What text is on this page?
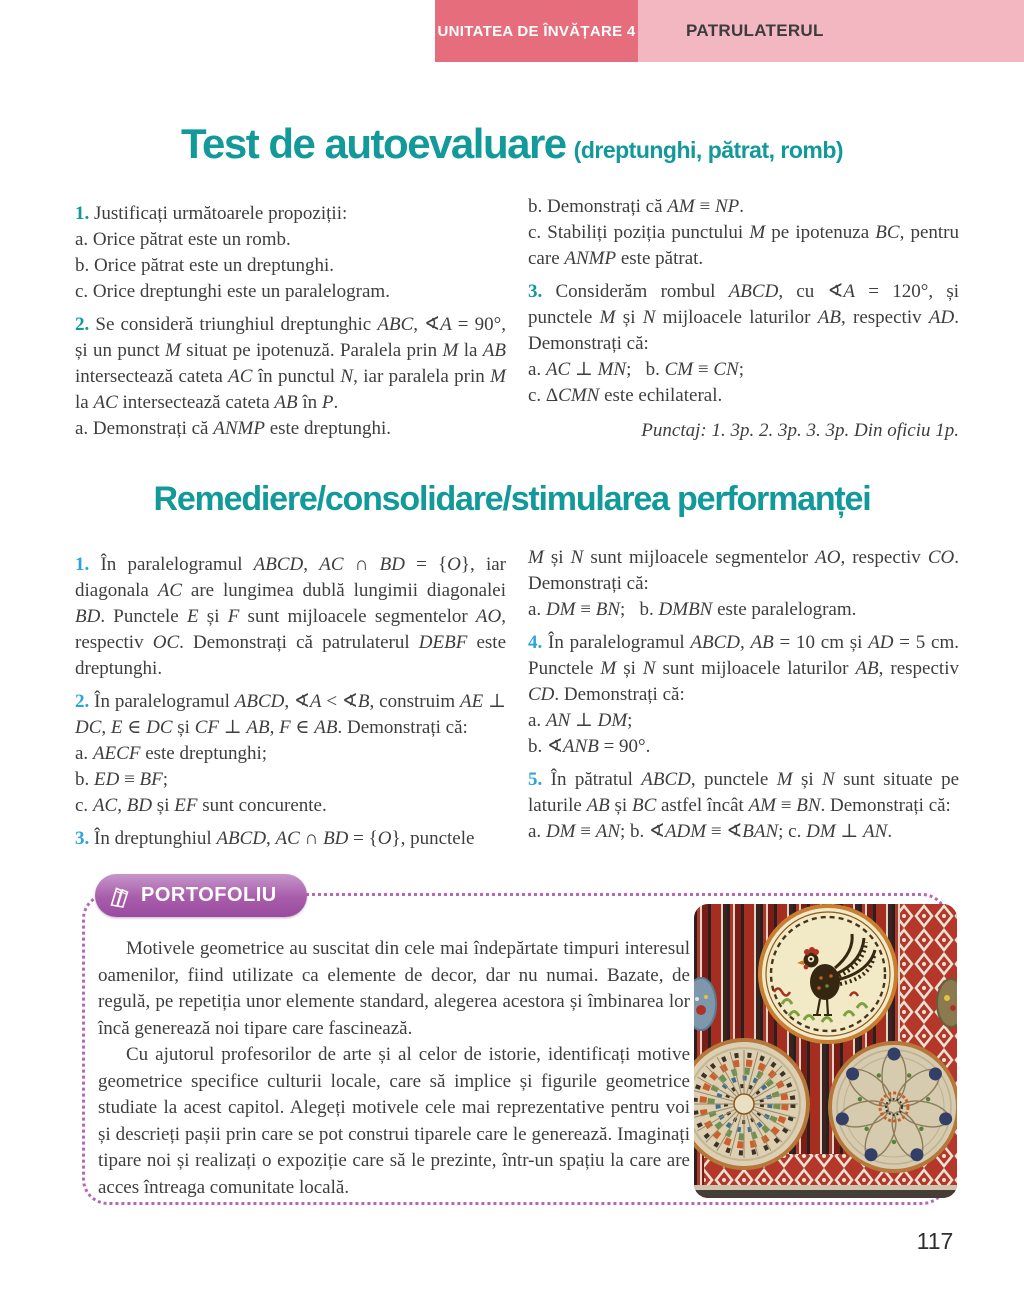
UNITATEA DE ÎNVĂȚARE 4	PATRULATERUL
Test de autoevaluare (dreptunghi, pătrat, romb)

1. Justificați următoarele propoziții:

a. Orice pătrat este un romb.

b. Orice pătrat este un dreptunghi.

c. Orice dreptunghi este un paralelogram.

2. Se consideră triunghiul dreptunghic ABC, ∢A = 90°, și un punct M situat pe ipotenuză. Paralela prin M la AB intersectează cateta AC în punctul N, iar paralela prin M la AC intersectează cateta AB în P.

a. Demonstrați că ANMP este dreptunghi.

b. Demonstrați că AM ≡ NP.

c. Stabiliți poziția punctului M pe ipotenuza BC, pentru care ANMP este pătrat.

3. Considerăm rombul ABCD, cu ∢A = 120°, și punctele M și N mijloacele laturilor AB, respectiv AD. Demonstrați că:

a. AC ⊥ MN;  b. CM ≡ CN;

c. ΔCMN este echilateral.

Punctaj: 1. 3p. 2. 3p. 3. 3p. Din oficiu 1p.

Remediere/consolidare/stimularea performanței

1. În paralelogramul ABCD, AC ∩ BD = {O}, iar diagonala AC are lungimea dublă lungimii diagonalei BD. Punctele E și F sunt mijloacele segmentelor AO, respectiv OC. Demonstrați că patrulaterul DEBF este dreptunghi.

2. În paralelogramul ABCD, ∢A < ∢B, construim AE ⊥ DC, E ∈ DC și CF ⊥ AB, F ∈ AB. Demonstrați că:

a. AECF este dreptunghi;

b. ED ≡ BF;

c. AC, BD și EF sunt concurente.

3. În dreptunghiul ABCD, AC ∩ BD = {O}, punctele

M și N sunt mijloacele segmentelor AO, respectiv CO. Demonstrați că:

a. DM ≡ BN;  b. DMBN este paralelogram.

4. În paralelogramul ABCD, AB = 10 cm și AD = 5 cm. Punctele M și N sunt mijloacele laturilor AB, respectiv CD. Demonstrați că:

a. AN ⊥ DM;

b. ∢ANB = 90°.

5. În pătratul ABCD, punctele M și N sunt situate pe laturile AB și BC astfel încât AM ≡ BN. Demonstrați că:

a. DM ≡ AN; b. ∢ADM ≡ ∢BAN; c. DM ⊥ AN.

PORTOFOLIU

Motivele geometrice au suscitat din cele mai îndepărtate timpuri interesul oamenilor, fiind utilizate ca elemente de decor, dar nu numai. Bazate, de regulă, pe repetiția unor elemente standard, alegerea acestora și îmbinarea lor încă generează noi tipare care fascinează.

Cu ajutorul profesorilor de arte și al celor de istorie, identificați motive geometrice specifice culturii locale, care să implice și figurile geometrice studiate la acest capitol. Alegeți motivele cele mai reprezentative pentru voi și descrieți pașii prin care se pot construi tiparele care le generează. Imaginați tipare noi și realizați o expoziție care să le prezinte, într-un spațiu la care are acces întreaga comunitate locală.

117
